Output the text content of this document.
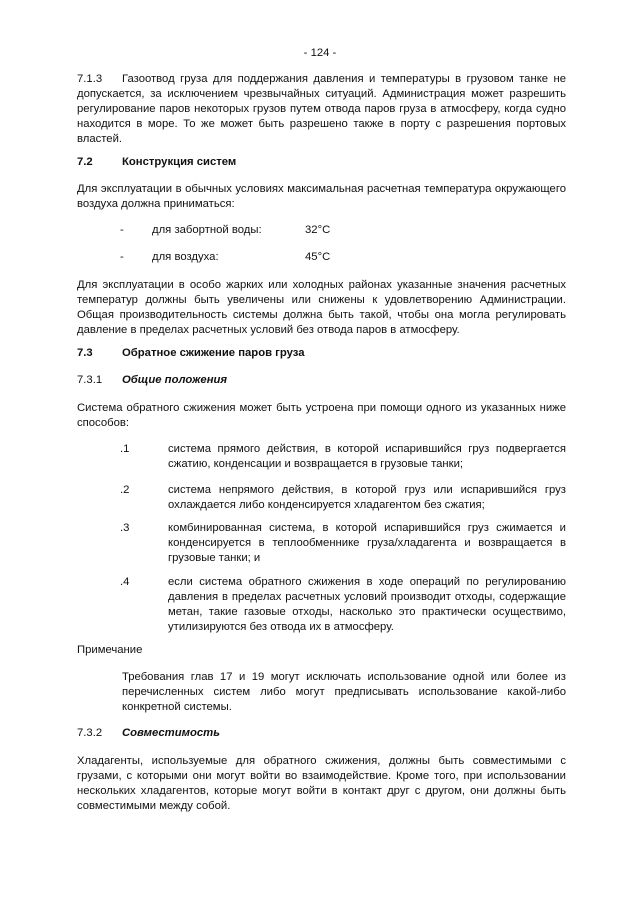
- 124 -
7.1.3 Газоотвод груза для поддержания давления и температуры в грузовом танке не допускается, за исключением чрезвычайных ситуаций. Администрация может разрешить регулирование паров некоторых грузов путем отвода паров груза в атмосферу, когда судно находится в море. То же может быть разрешено также в порту с разрешения портовых властей.
7.2	Конструкция систем
Для эксплуатации в обычных условиях максимальная расчетная температура окружающего воздуха должна приниматься:
- для забортной воды:	32°C
- для воздуха:	45°C
Для эксплуатации в особо жарких или холодных районах указанные значения расчетных температур должны быть увеличены или снижены к удовлетворению Администрации. Общая производительность системы должна быть такой, чтобы она могла регулировать давление в пределах расчетных условий без отвода паров в атмосферу.
7.3	Обратное сжижение паров груза
7.3.1 Общие положения
Система обратного сжижения может быть устроена при помощи одного из указанных ниже способов:
.1	система прямого действия, в которой испарившийся груз подвергается сжатию, конденсации и возвращается в грузовые танки;
.2	система непрямого действия, в которой груз или испарившийся груз охлаждается либо конденсируется хладагентом без сжатия;
.3	комбинированная система, в которой испарившийся груз сжимается и конденсируется в теплообменнике груза/хладагента и возвращается в грузовые танки; и
.4	если система обратного сжижения в ходе операций по регулированию давления в пределах расчетных условий производит отходы, содержащие метан, такие газовые отходы, насколько это практически осуществимо, утилизируются без отвода их в атмосферу.
Примечание
Требования глав 17 и 19 могут исключать использование одной или более из перечисленных систем либо могут предписывать использование какой-либо конкретной системы.
7.3.2 Совместимость
Хладагенты, используемые для обратного сжижения, должны быть совместимыми с грузами, с которыми они могут войти во взаимодействие. Кроме того, при использовании нескольких хладагентов, которые могут войти в контакт друг с другом, они должны быть совместимыми между собой.
